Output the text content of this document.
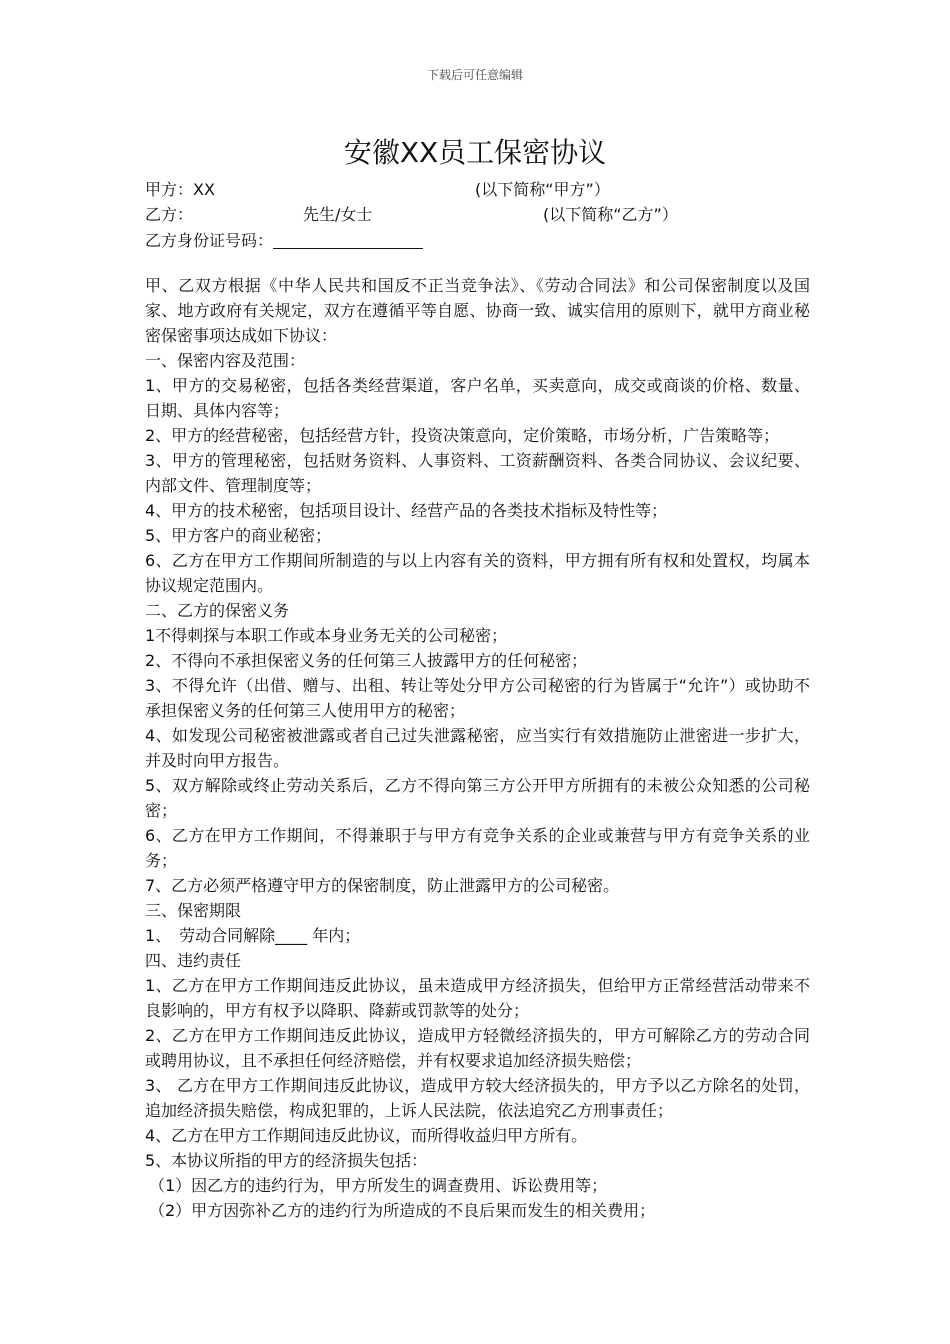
下载后可任意编辑
安徽XX员工保密协议
甲方：XX	(以下简称“甲方”）
乙方：	先生/女士	(以下简称“乙方”）
乙方身份证号码：

甲、乙双方根据《中华人民共和国反不正当竞争法》、《劳动合同法》和公司保密制度以及国家、地方政府有关规定，双方在遵循平等自愿、协商一致、诚实信用的原则下，就甲方商业秘密保密事项达成如下协议：

一、保密内容及范围：

1、甲方的交易秘密，包括各类经营渠道，客户名单，买卖意向，成交或商谈的价格、数量、日期、具体内容等；

2、甲方的经营秘密，包括经营方针，投资决策意向，定价策略，市场分析，广告策略等；

3、甲方的管理秘密，包括财务资料、人事资料、工资薪酬资料、各类合同协议、会议纪要、内部文件、管理制度等；

4、甲方的技术秘密，包括项目设计、经营产品的各类技术指标及特性等；

5、甲方客户的商业秘密；

6、乙方在甲方工作期间所制造的与以上内容有关的资料，甲方拥有所有权和处置权，均属本协议规定范围内。

二、乙方的保密义务

1不得刺探与本职工作或本身业务无关的公司秘密；

2、不得向不承担保密义务的任何第三人披露甲方的任何秘密；

3、不得允许（出借、赠与、出租、转让等处分甲方公司秘密的行为皆属于“允许”）或协助不承担保密义务的任何第三人使用甲方的秘密；

4、如发现公司秘密被泄露或者自己过失泄露秘密，应当实行有效措施防止泄密进一步扩大，并及时向甲方报告。

5、双方解除或终止劳动关系后，乙方不得向第三方公开甲方所拥有的未被公众知悉的公司秘密；

6、乙方在甲方工作期间，不得兼职于与甲方有竞争关系的企业或兼营与甲方有竞争关系的业务；

7、乙方必须严格遵守甲方的保密制度，防止泄露甲方的公司秘密。

三、保密期限

1、　劳动合同解除____ 年内；

四、违约责任

1、乙方在甲方工作期间违反此协议，虽未造成甲方经济损失，但给甲方正常经营活动带来不良影响的，甲方有权予以降职、降薪或罚款等的处分；

2、乙方在甲方工作期间违反此协议，造成甲方轻微经济损失的，甲方可解除乙方的劳动合同或聘用协议，且不承担任何经济赔偿，并有权要求追加经济损失赔偿；

3、 乙方在甲方工作期间违反此协议，造成甲方较大经济损失的，甲方予以乙方除名的处罚，追加经济损失赔偿，构成犯罪的，上诉人民法院，依法追究乙方刑事责任；

4、乙方在甲方工作期间违反此协议，而所得收益归甲方所有。

5、本协议所指的甲方的经济损失包括：

（1）因乙方的违约行为，甲方所发生的调查费用、诉讼费用等；

（2）甲方因弥补乙方的违约行为所造成的不良后果而发生的相关费用；
